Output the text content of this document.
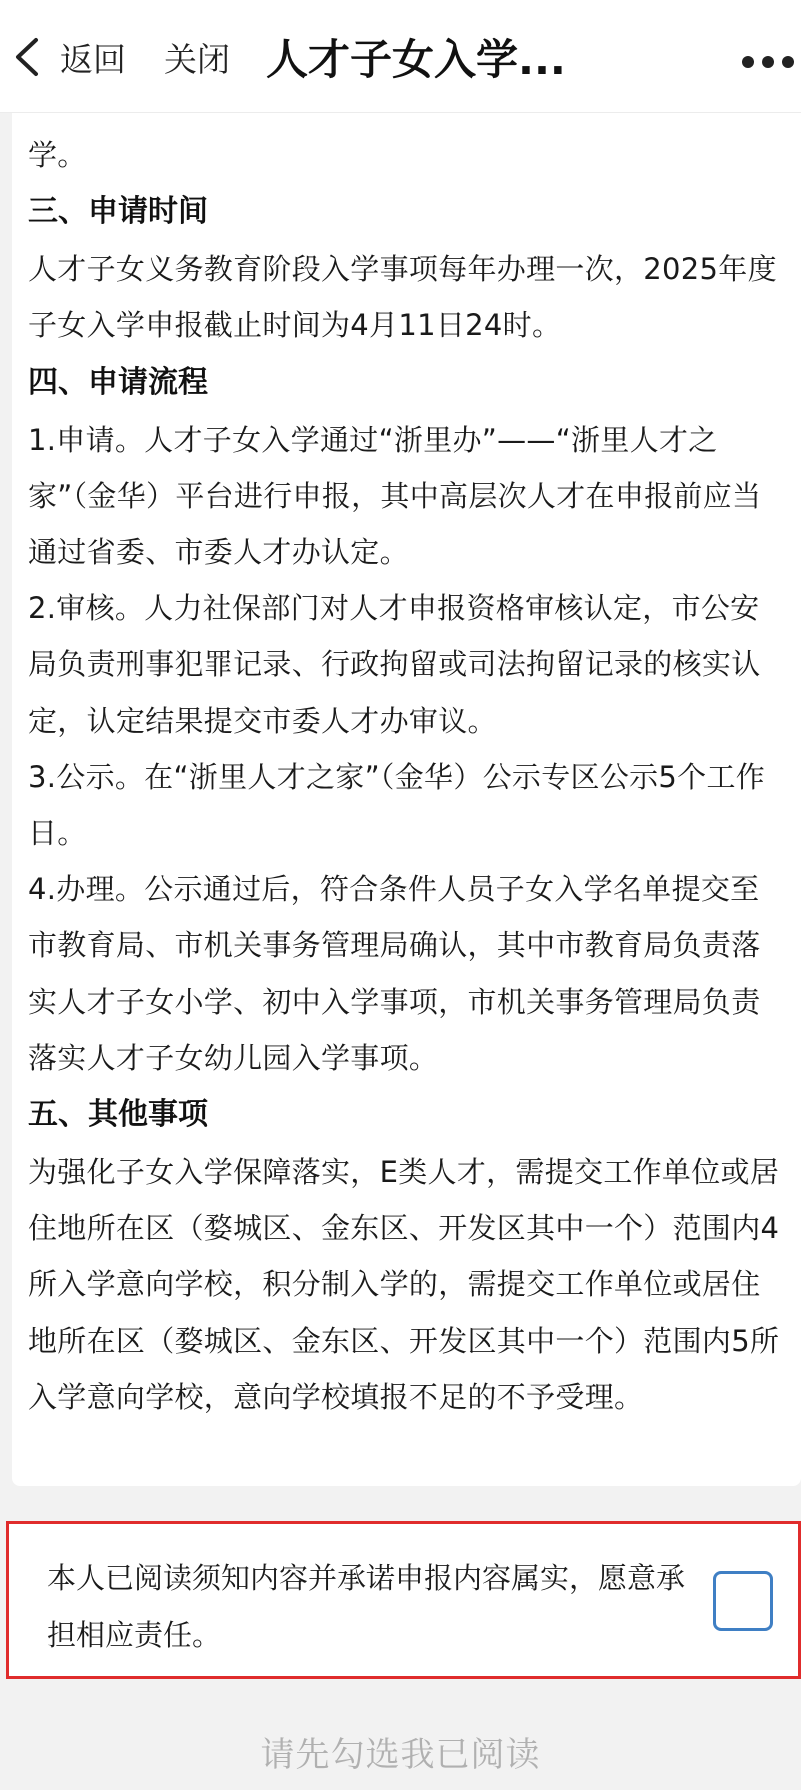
返回 关闭 人才子女入学...

学。

三、申请时间

人才子女义务教育阶段入学事项每年办理一次，2025年度子女入学申报截止时间为4月11日24时。

四、申请流程

1.申请。人才子女入学通过“浙里办”——“浙里人才之家”（金华）平台进行申报，其中高层次人才在申报前应当通过省委、市委人才办认定。

2.审核。人力社保部门对人才申报资格审核认定，市公安局负责刑事犯罪记录、行政拘留或司法拘留记录的核实认定，认定结果提交市委人才办审议。

3.公示。在“浙里人才之家”（金华）公示专区公示5个工作日。

4.办理。公示通过后，符合条件人员子女入学名单提交至市教育局、市机关事务管理局确认，其中市教育局负责落实人才子女小学、初中入学事项，市机关事务管理局负责落实人才子女幼儿园入学事项。

五、其他事项

为强化子女入学保障落实，E类人才，需提交工作单位或居住地所在区（婺城区、金东区、开发区其中一个）范围内4所入学意向学校，积分制入学的，需提交工作单位或居住地所在区（婺城区、金东区、开发区其中一个）范围内5所入学意向学校，意向学校填报不足的不予受理。

本人已阅读须知内容并承诺申报内容属实，愿意承担相应责任。
请先勾选我已阅读
